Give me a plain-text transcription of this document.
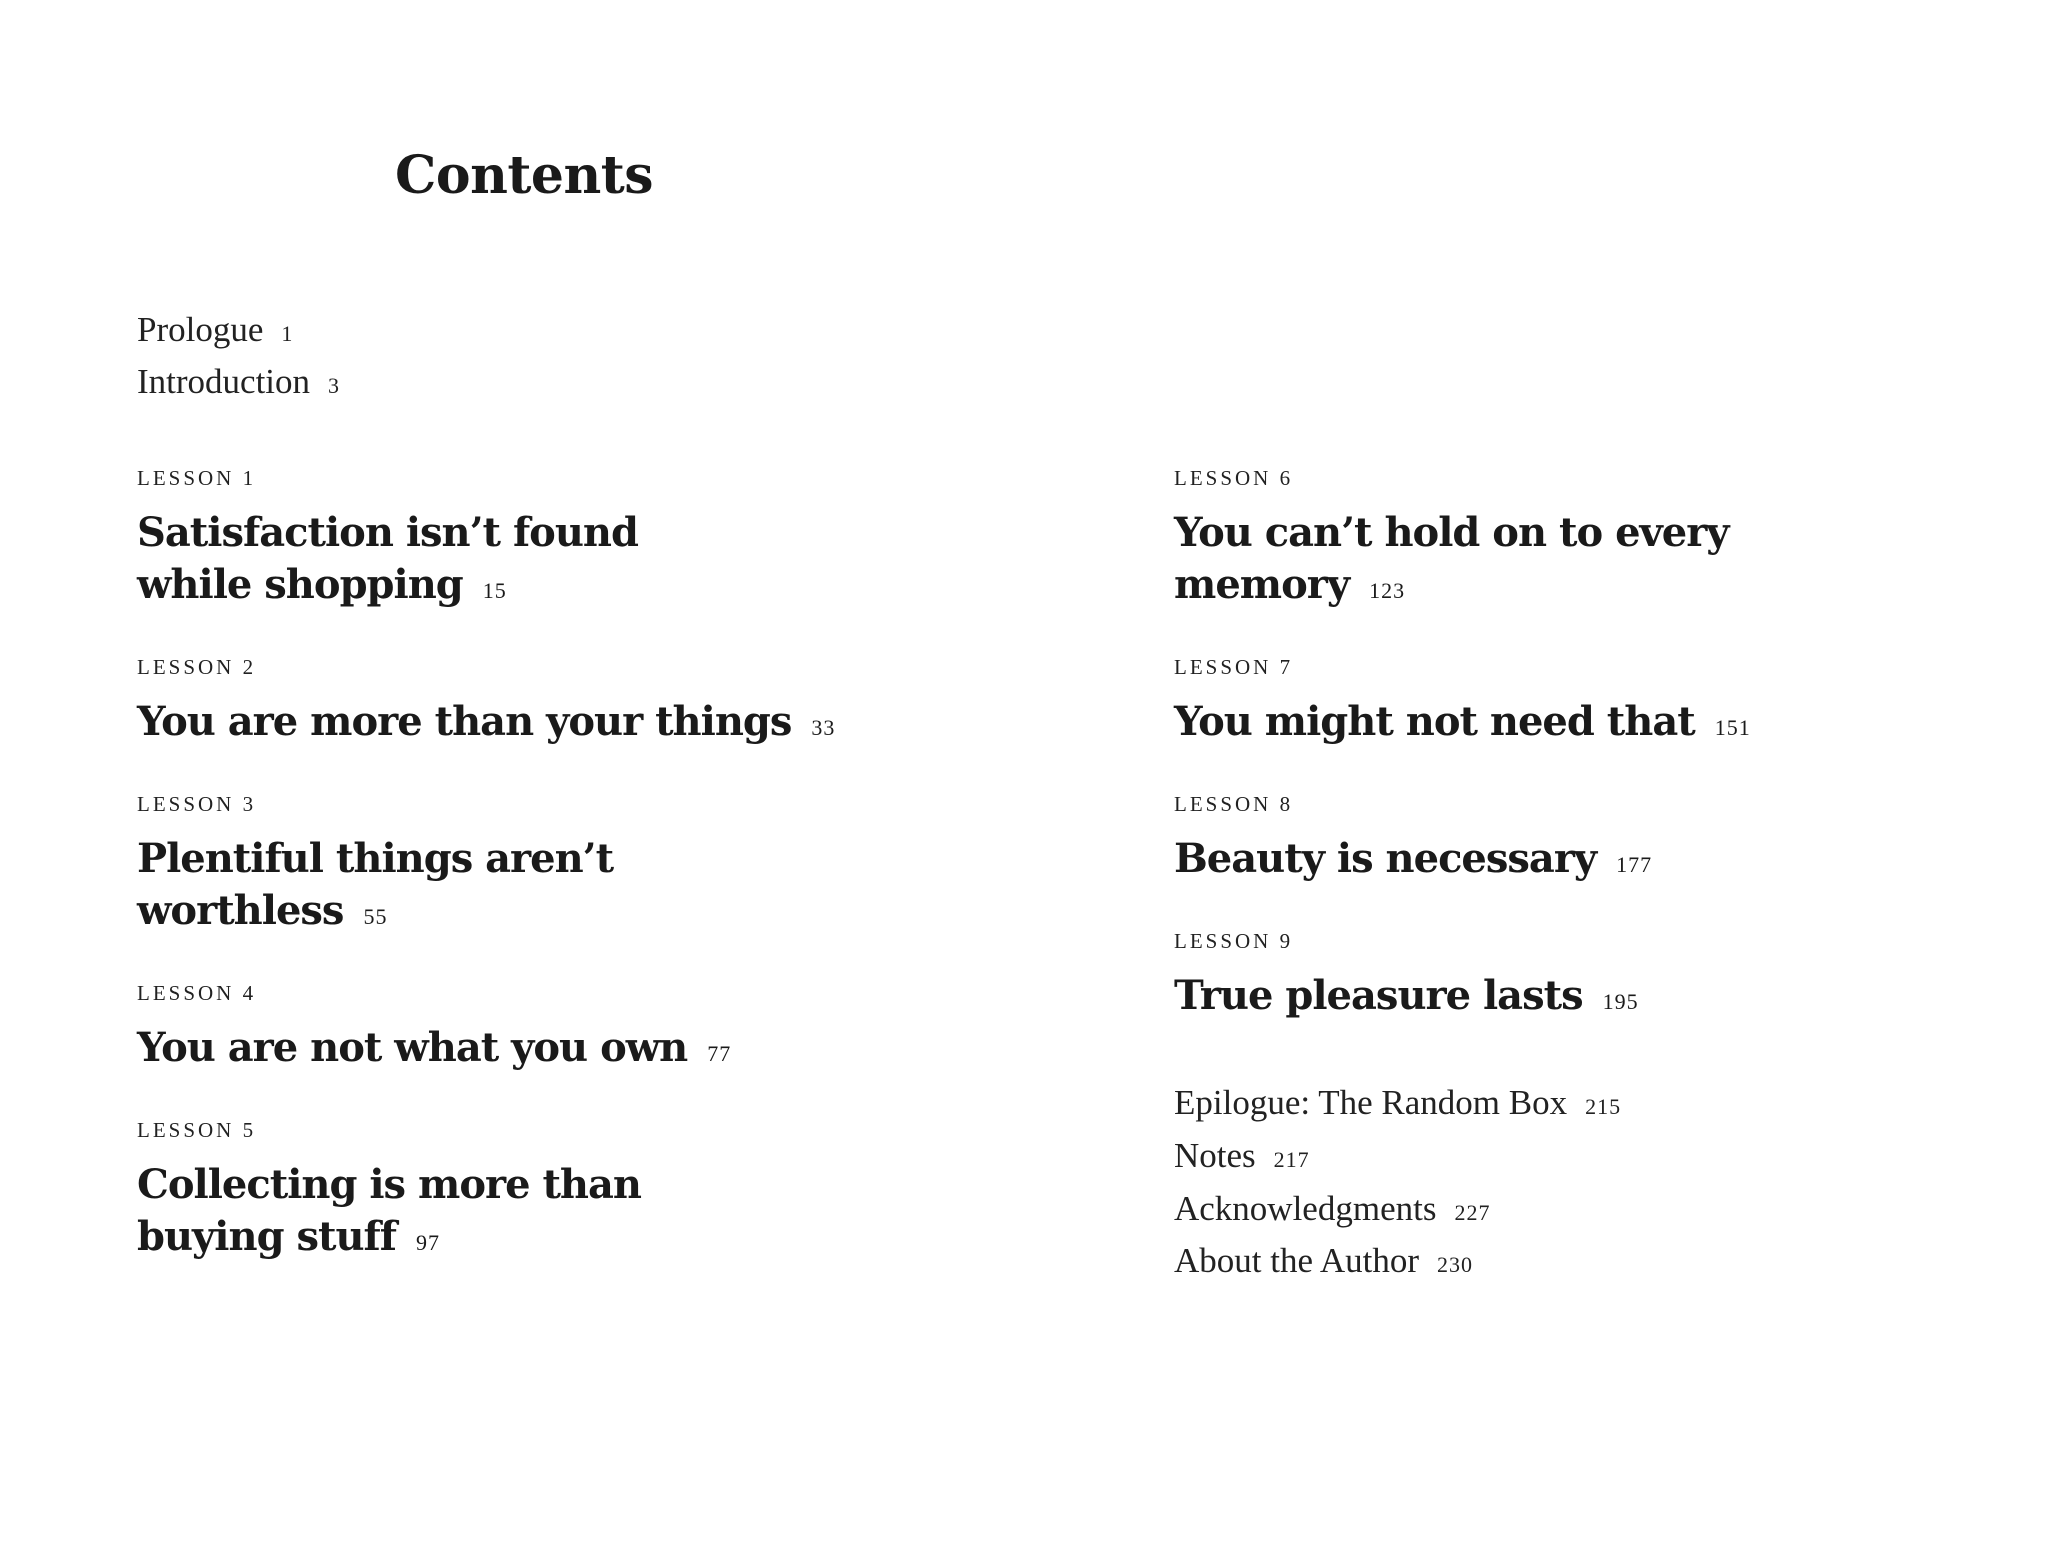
Contents
Prologue 1
Introduction 3
LESSON 1
Satisfaction isn’t found
while shopping 15
LESSON 2
You are more than your things 33
LESSON 3
Plentiful things aren’t
worthless 55
LESSON 4
You are not what you own 77
LESSON 5
Collecting is more than
buying stuff 97
LESSON 6
You can’t hold on to every
memory 123
LESSON 7
You might not need that 151
LESSON 8
Beauty is necessary 177
LESSON 9
True pleasure lasts 195
Epilogue: The Random Box 215
Notes 217
Acknowledgments 227
About the Author 230
